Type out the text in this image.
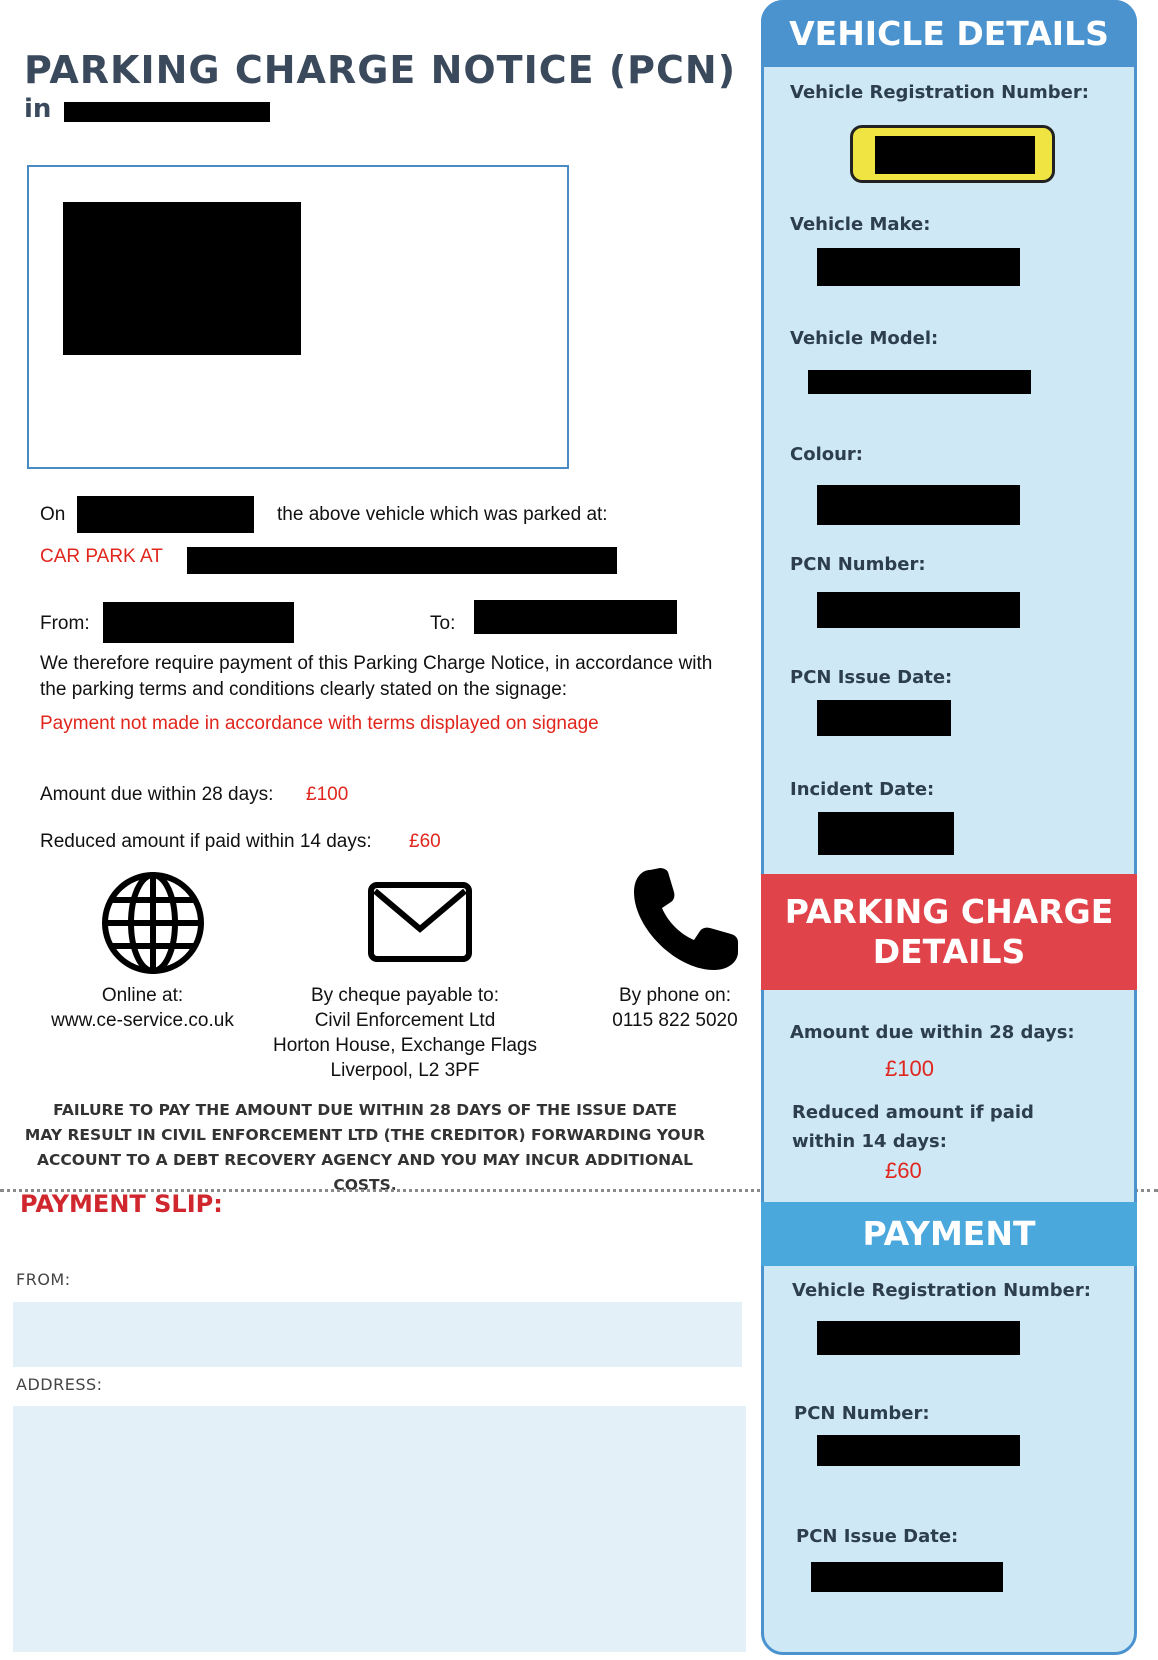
PARKING CHARGE NOTICE (PCN)
in
On	the above vehicle which was parked at:
CAR PARK AT
From:	To:
We therefore require payment of this Parking Charge Notice, in accordance with the parking terms and conditions clearly stated on the signage:
Payment not made in accordance with terms displayed on signage
Amount due within 28 days: £100
Reduced amount if paid within 14 days: £60
Online at:
www.ce-service.co.uk
By cheque payable to:
Civil Enforcement Ltd
Horton House, Exchange Flags
Liverpool, L2 3PF
By phone on:
0115 822 5020
FAILURE TO PAY THE AMOUNT DUE WITHIN 28 DAYS OF THE ISSUE DATE
MAY RESULT IN CIVIL ENFORCEMENT LTD (THE CREDITOR) FORWARDING YOUR
ACCOUNT TO A DEBT RECOVERY AGENCY AND YOU MAY INCUR ADDITIONAL COSTS.
PAYMENT SLIP:
FROM:
ADDRESS:
VEHICLE DETAILS
Vehicle Registration Number:
Vehicle Make:
Vehicle Model:
Colour:
PCN Number:
PCN Issue Date:
Incident Date:
PARKING CHARGE
DETAILS
Amount due within 28 days:
£100
Reduced amount if paid
within 14 days:
£60
PAYMENT
Vehicle Registration Number:
PCN Number:
PCN Issue Date:
